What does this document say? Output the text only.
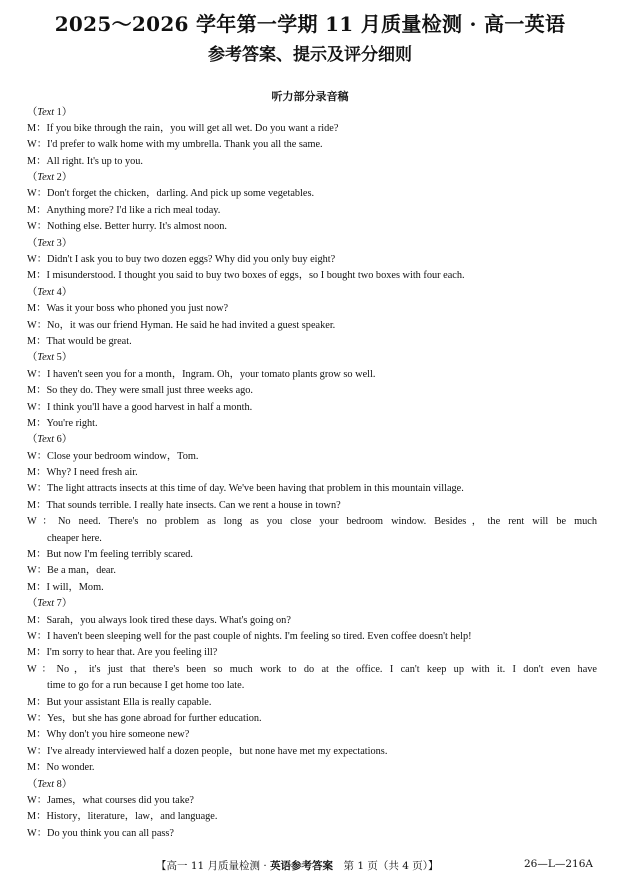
2025～2026 学年第一学期 11 月质量检测 · 高一英语
参考答案、提示及评分细则
听力部分录音稿
（Text 1）
M：If you bike through the rain，you will get all wet. Do you want a ride?
W：I'd prefer to walk home with my umbrella. Thank you all the same.
M：All right. It's up to you.
（Text 2）
W：Don't forget the chicken，darling. And pick up some vegetables.
M：Anything more? I'd like a rich meal today.
W：Nothing else. Better hurry. It's almost noon.
（Text 3）
W：Didn't I ask you to buy two dozen eggs? Why did you only buy eight?
M：I misunderstood. I thought you said to buy two boxes of eggs，so I bought two boxes with four each.
（Text 4）
M：Was it your boss who phoned you just now?
W：No，it was our friend Hyman. He said he had invited a guest speaker.
M：That would be great.
（Text 5）
W：I haven't seen you for a month，Ingram. Oh，your tomato plants grow so well.
M：So they do. They were small just three weeks ago.
W：I think you'll have a good harvest in half a month.
M：You're right.
（Text 6）
W：Close your bedroom window，Tom.
M：Why? I need fresh air.
W：The light attracts insects at this time of day. We've been having that problem in this mountain village.
M：That sounds terrible. I really hate insects. Can we rent a house in town?
W：No need. There's no problem as long as you close your bedroom window. Besides，the rent will be much
cheaper here.
M：But now I'm feeling terribly scared.
W：Be a man，dear.
M：I will，Mom.
（Text 7）
M：Sarah，you always look tired these days. What's going on?
W：I haven't been sleeping well for the past couple of nights. I'm feeling so tired. Even coffee doesn't help!
M：I'm sorry to hear that. Are you feeling ill?
W：No，it's just that there's been so much work to do at the office. I can't keep up with it. I don't even have
time to go for a run because I get home too late.
M：But your assistant Ella is really capable.
W：Yes，but she has gone abroad for further education.
M：Why don't you hire someone new?
W：I've already interviewed half a dozen people，but none have met my expectations.
M：No wonder.
（Text 8）
W：James，what courses did you take?
M：History，literature，law，and language.
W：Do you think you can all pass?
【高一 11 月质量检测 · 英语参考答案　第 1 页（共 4 页）】	26—L—216A
